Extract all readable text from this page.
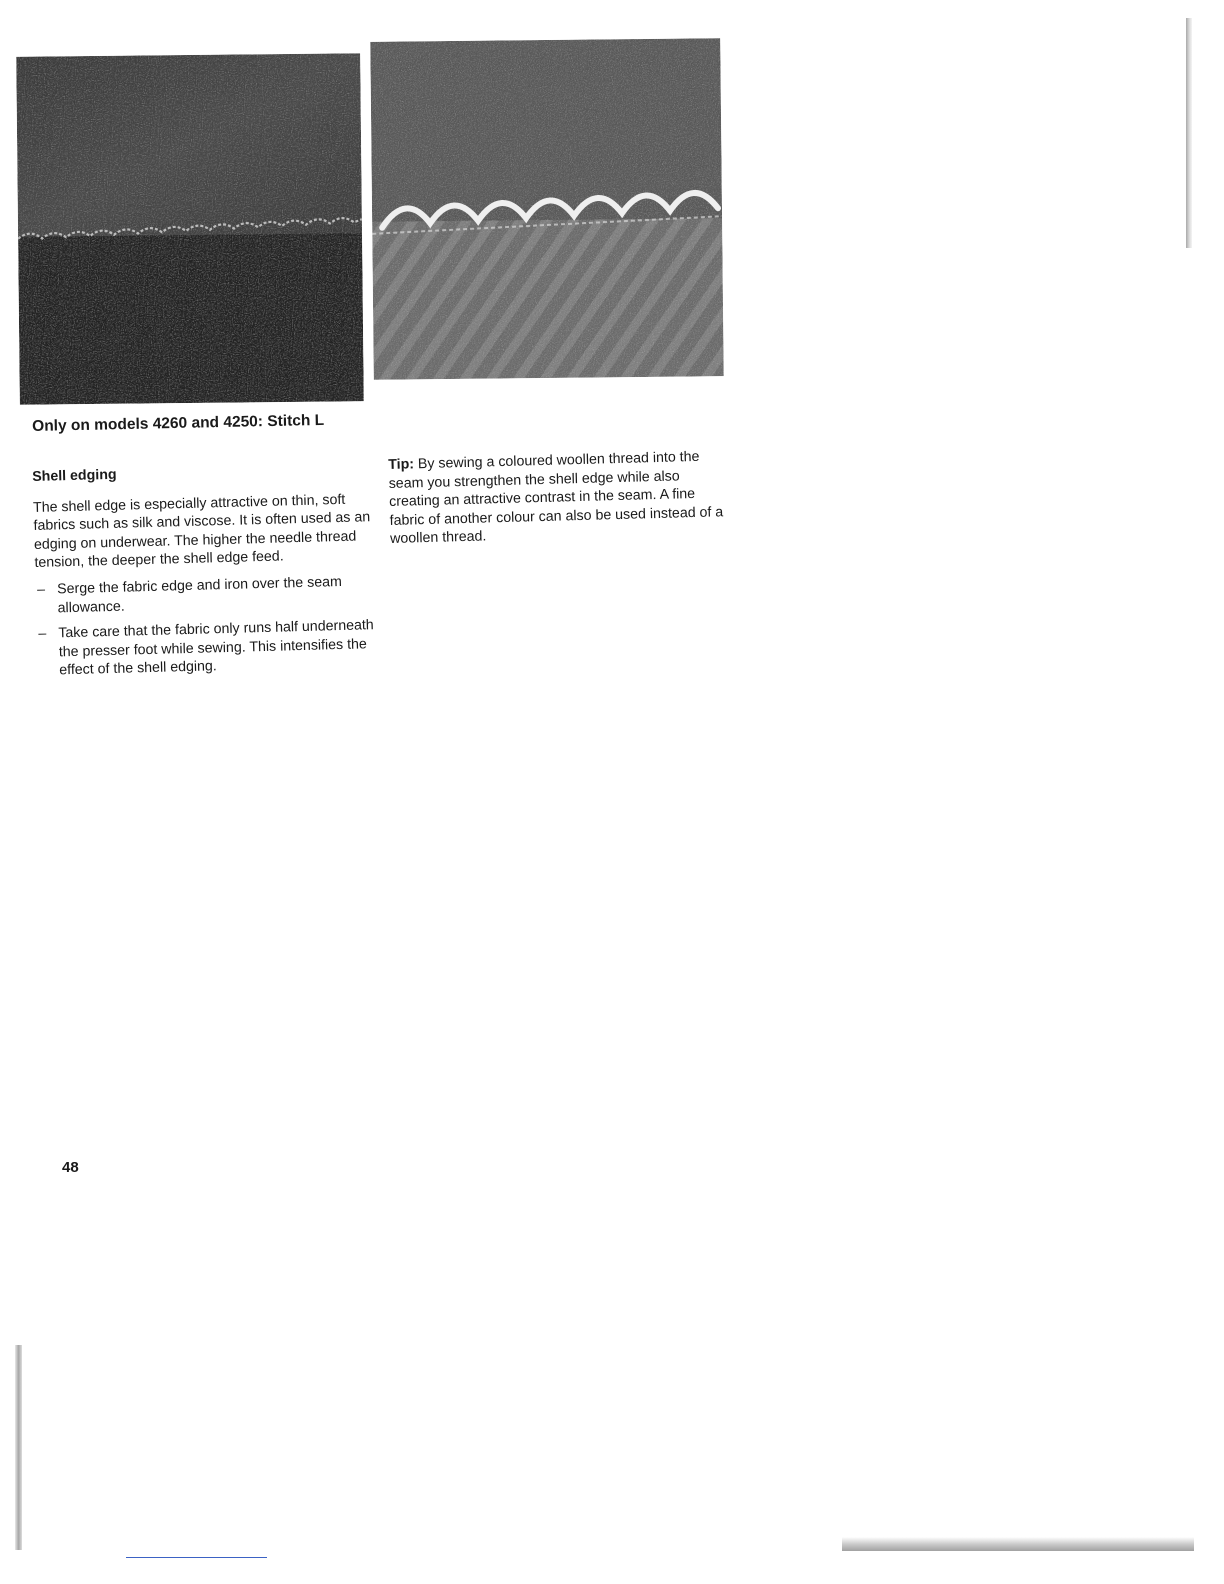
Only on models 4260 and 4250: Stitch L
Shell edging

The shell edge is especially attractive on thin, soft fabrics such as silk and viscose. It is often used as an edging on underwear. The higher the needle thread tension, the deeper the shell edge feed.

– Serge the fabric edge and iron over the seam allowance.
– Take care that the fabric only runs half underneath the presser foot while sewing. This intensifies the effect of the shell edging.
Tip: By sewing a coloured woollen thread into the seam you strengthen the shell edge while also creating an attractive contrast in the seam. A fine fabric of another colour can also be used instead of a woollen thread.
48
